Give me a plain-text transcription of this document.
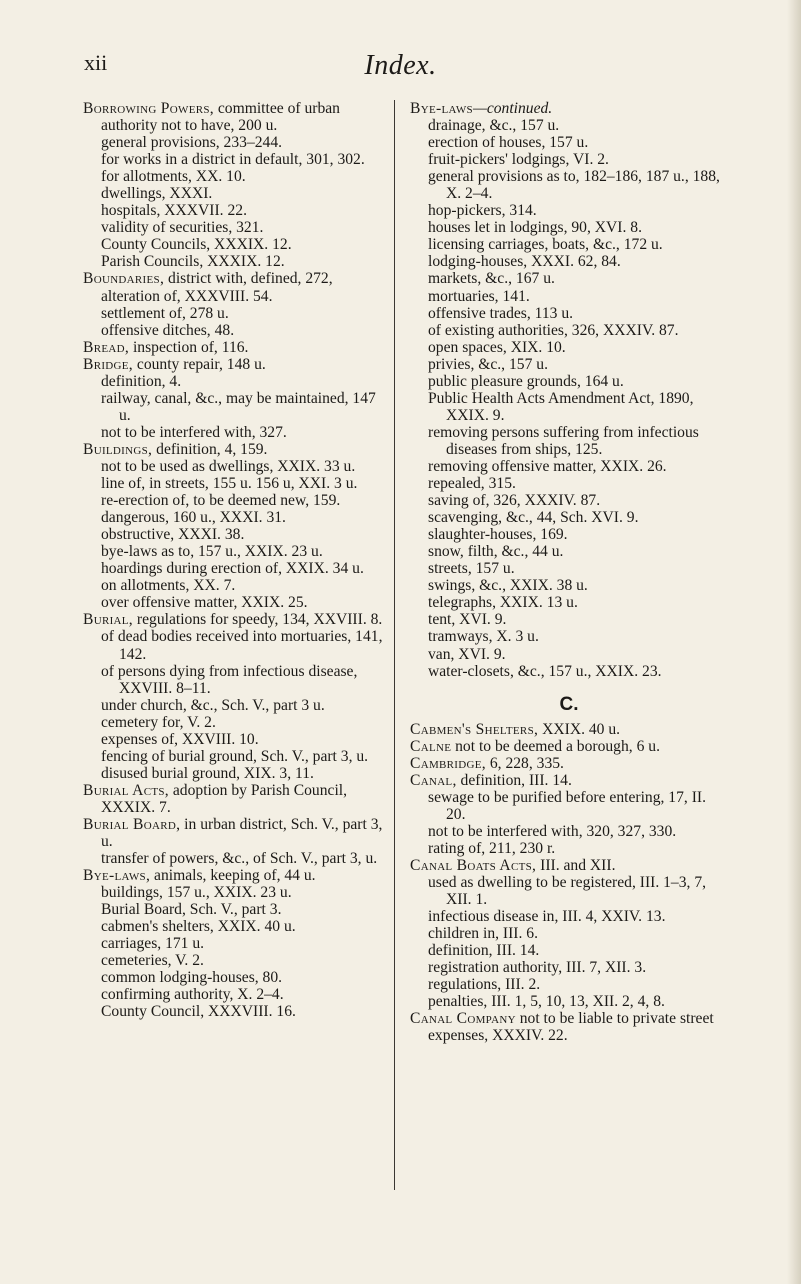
xii	Index.
Borrowing Powers, committee of urban authority not to have, 200 u.
general provisions, 233–244.
for works in a district in default, 301, 302.
for allotments, XX. 10.
dwellings, XXXI.
hospitals, XXXVII. 22.
validity of securities, 321.
County Councils, XXXIX. 12.
Parish Councils, XXXIX. 12.
Boundaries, district with, defined, 272, alteration of, XXXVIII. 54.
settlement of, 278 u.
offensive ditches, 48.
Bread, inspection of, 116.
Bridge, county repair, 148 u.
definition, 4.
railway, canal, &c., may be maintained, 147 u.
not to be interfered with, 327.
Buildings, definition, 4, 159.
not to be used as dwellings, XXIX. 33 u.
line of, in streets, 155 u. 156 u, XXI. 3 u.
re-erection of, to be deemed new, 159.
dangerous, 160 u., XXXI. 31.
obstructive, XXXI. 38.
bye-laws as to, 157 u., XXIX. 23 u.
hoardings during erection of, XXIX. 34 u.
on allotments, XX. 7.
over offensive matter, XXIX. 25.
Burial, regulations for speedy, 134, XXVIII. 8.
of dead bodies received into mortuaries, 141, 142.
of persons dying from infectious disease, XXVIII. 8–11.
under church, &c., Sch. V., part 3 u.
cemetery for, V. 2.
expenses of, XXVIII. 10.
fencing of burial ground, Sch. V., part 3, u.
disused burial ground, XIX. 3, 11.
Burial Acts, adoption by Parish Council, XXXIX. 7.
Burial Board, in urban district, Sch. V., part 3, u.
transfer of powers, &c., of Sch. V., part 3, u.
Bye-laws, animals, keeping of, 44 u.
buildings, 157 u., XXIX. 23 u.
Burial Board, Sch. V., part 3.
cabmen's shelters, XXIX. 40 u.
carriages, 171 u.
cemeteries, V. 2.
common lodging-houses, 80.
confirming authority, X. 2–4.
County Council, XXXVIII. 16.
Bye-laws—continued.
drainage, &c., 157 u.
erection of houses, 157 u.
fruit-pickers' lodgings, VI. 2.
general provisions as to, 182–186, 187 u., 188, X. 2–4.
hop-pickers, 314.
houses let in lodgings, 90, XVI. 8.
licensing carriages, boats, &c., 172 u.
lodging-houses, XXXI. 62, 84.
markets, &c., 167 u.
mortuaries, 141.
offensive trades, 113 u.
of existing authorities, 326, XXXIV. 87.
open spaces, XIX. 10.
privies, &c., 157 u.
public pleasure grounds, 164 u.
Public Health Acts Amendment Act, 1890, XXIX. 9.
removing persons suffering from infectious diseases from ships, 125.
removing offensive matter, XXIX. 26.
repealed, 315.
saving of, 326, XXXIV. 87.
scavenging, &c., 44, Sch. XVI. 9.
slaughter-houses, 169.
snow, filth, &c., 44 u.
streets, 157 u.
swings, &c., XXIX. 38 u.
telegraphs, XXIX. 13 u.
tent, XVI. 9.
tramways, X. 3 u.
van, XVI. 9.
water-closets, &c., 157 u., XXIX. 23.
C.
Cabmen's Shelters, XXIX. 40 u.
Calne not to be deemed a borough, 6 u.
Cambridge, 6, 228, 335.
Canal, definition, III. 14.
sewage to be purified before entering, 17, II. 20.
not to be interfered with, 320, 327, 330.
rating of, 211, 230 r.
Canal Boats Acts, III. and XII.
used as dwelling to be registered, III. 1–3, 7, XII. 1.
infectious disease in, III. 4, XXIV. 13.
children in, III. 6.
definition, III. 14.
registration authority, III. 7, XII. 3.
regulations, III. 2.
penalties, III. 1, 5, 10, 13, XII. 2, 4, 8.
Canal Company not to be liable to private street expenses, XXXIV. 22.
